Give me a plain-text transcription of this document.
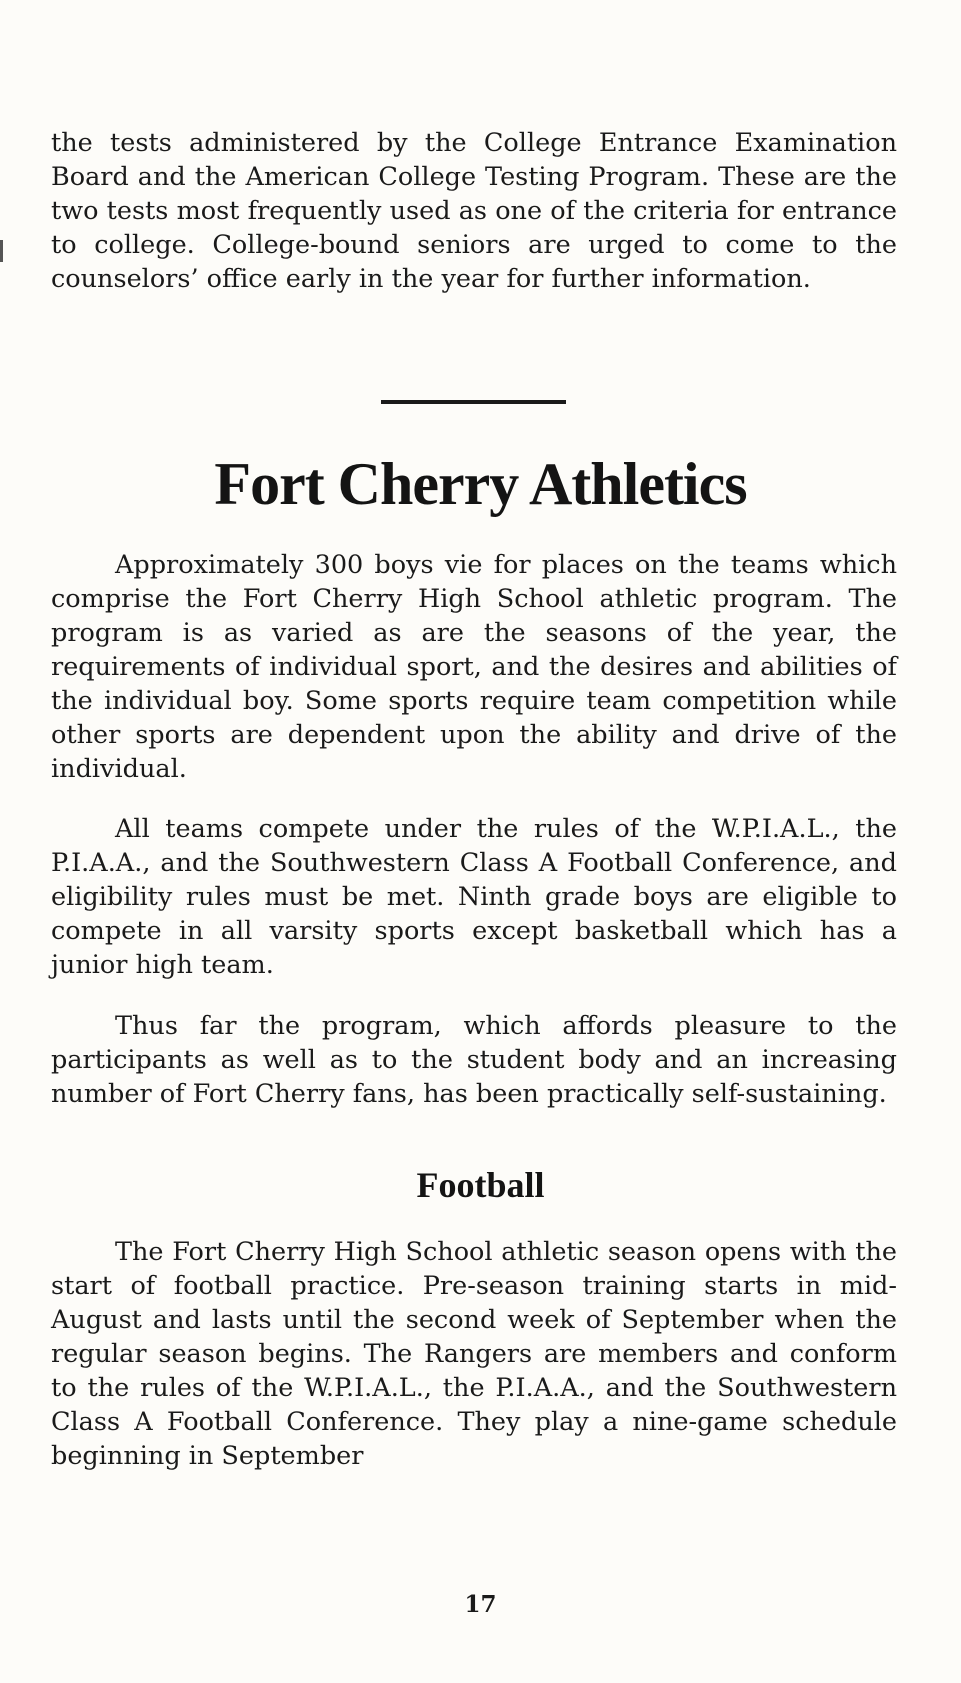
the tests administered by the College Entrance Examination Board and the American College Testing Program. These are the two tests most frequently used as one of the criteria for entrance to college. College-bound seniors are urged to come to the counselors’ office early in the year for further information.

Fort Cherry Athletics

Approximately 300 boys vie for places on the teams which comprise the Fort Cherry High School athletic program. The program is as varied as are the seasons of the year, the requirements of individual sport, and the desires and abilities of the individual boy. Some sports require team competition while other sports are dependent upon the ability and drive of the individual.

All teams compete under the rules of the W.P.I.A.L., the P.I.A.A., and the Southwestern Class A Football Conference, and eligibility rules must be met. Ninth grade boys are eligible to compete in all varsity sports except basketball which has a junior high team.

Thus far the program, which affords pleasure to the participants as well as to the student body and an increasing number of Fort Cherry fans, has been practically self-sustaining.

Football

The Fort Cherry High School athletic season opens with the start of football practice. Pre-season training starts in mid-August and lasts until the second week of September when the regular season begins. The Rangers are members and conform to the rules of the W.P.I.A.L., the P.I.A.A., and the Southwestern Class A Football Conference. They play a nine-game schedule beginning in September

17
